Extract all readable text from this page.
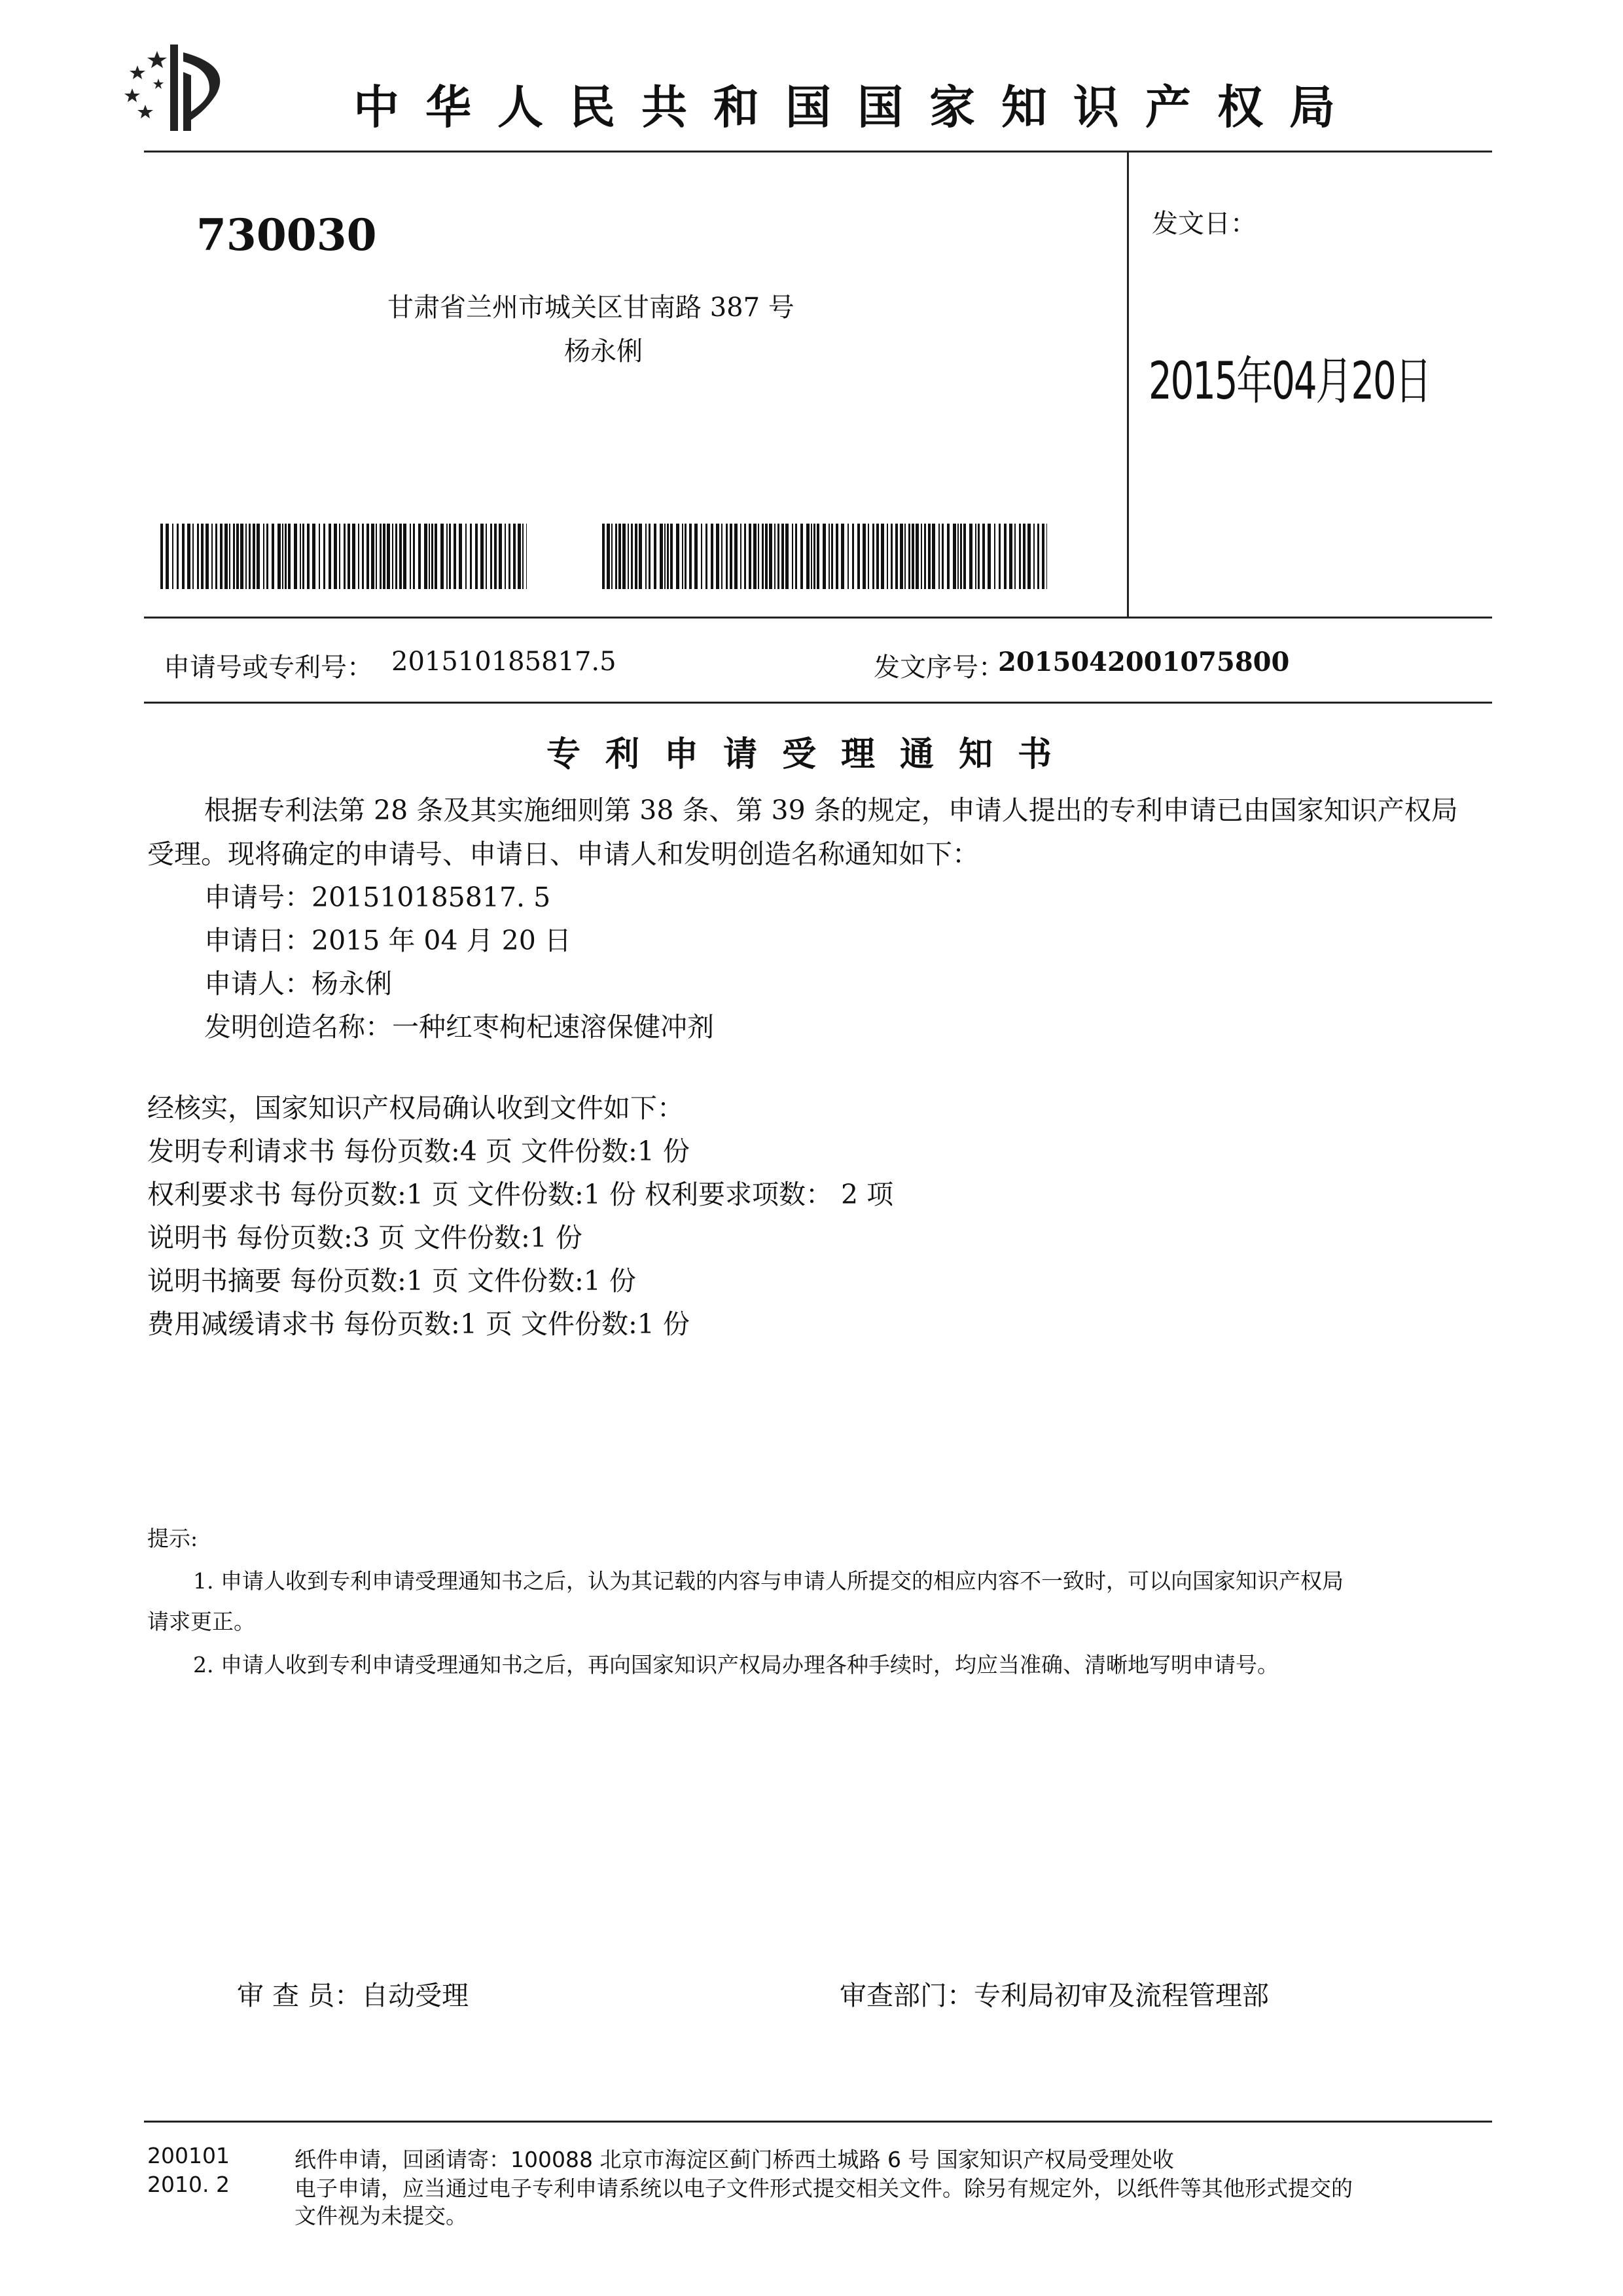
中华人民共和国国家知识产权局
730030
甘肃省兰州市城关区甘南路 387 号
杨永俐
发文日：
2015年04月20日
申请号或专利号： 201510185817.5	发文序号：
2015042001075800
专利申请受理通知书
根据专利法第 28 条及其实施细则第 38 条、第 39 条的规定，申请人提出的专利申请已由国家知识产权局
受理。现将确定的申请号、申请日、申请人和发明创造名称通知如下：
申请号：201510185817. 5
申请日：2015 年 04 月 20 日
申请人：杨永俐
发明创造名称：一种红枣枸杞速溶保健冲剂
经核实，国家知识产权局确认收到文件如下：
发明专利请求书 每份页数:4 页 文件份数:1 份
权利要求书 每份页数:1 页 文件份数:1 份 权利要求项数： 2 项
说明书 每份页数:3 页 文件份数:1 份
说明书摘要 每份页数:1 页 文件份数:1 份
费用减缓请求书 每份页数:1 页 文件份数:1 份
提示:
1. 申请人收到专利申请受理通知书之后，认为其记载的内容与申请人所提交的相应内容不一致时，可以向国家知识产权局
请求更正。
2. 申请人收到专利申请受理通知书之后，再向国家知识产权局办理各种手续时，均应当准确、清晰地写明申请号。
审 查 员：自动受理	审查部门：专利局初审及流程管理部
200101
2010. 2
纸件申请，回函请寄：100088 北京市海淀区蓟门桥西土城路 6 号 国家知识产权局受理处收
电子申请，应当通过电子专利申请系统以电子文件形式提交相关文件。除另有规定外，以纸件等其他形式提交的
文件视为未提交。
